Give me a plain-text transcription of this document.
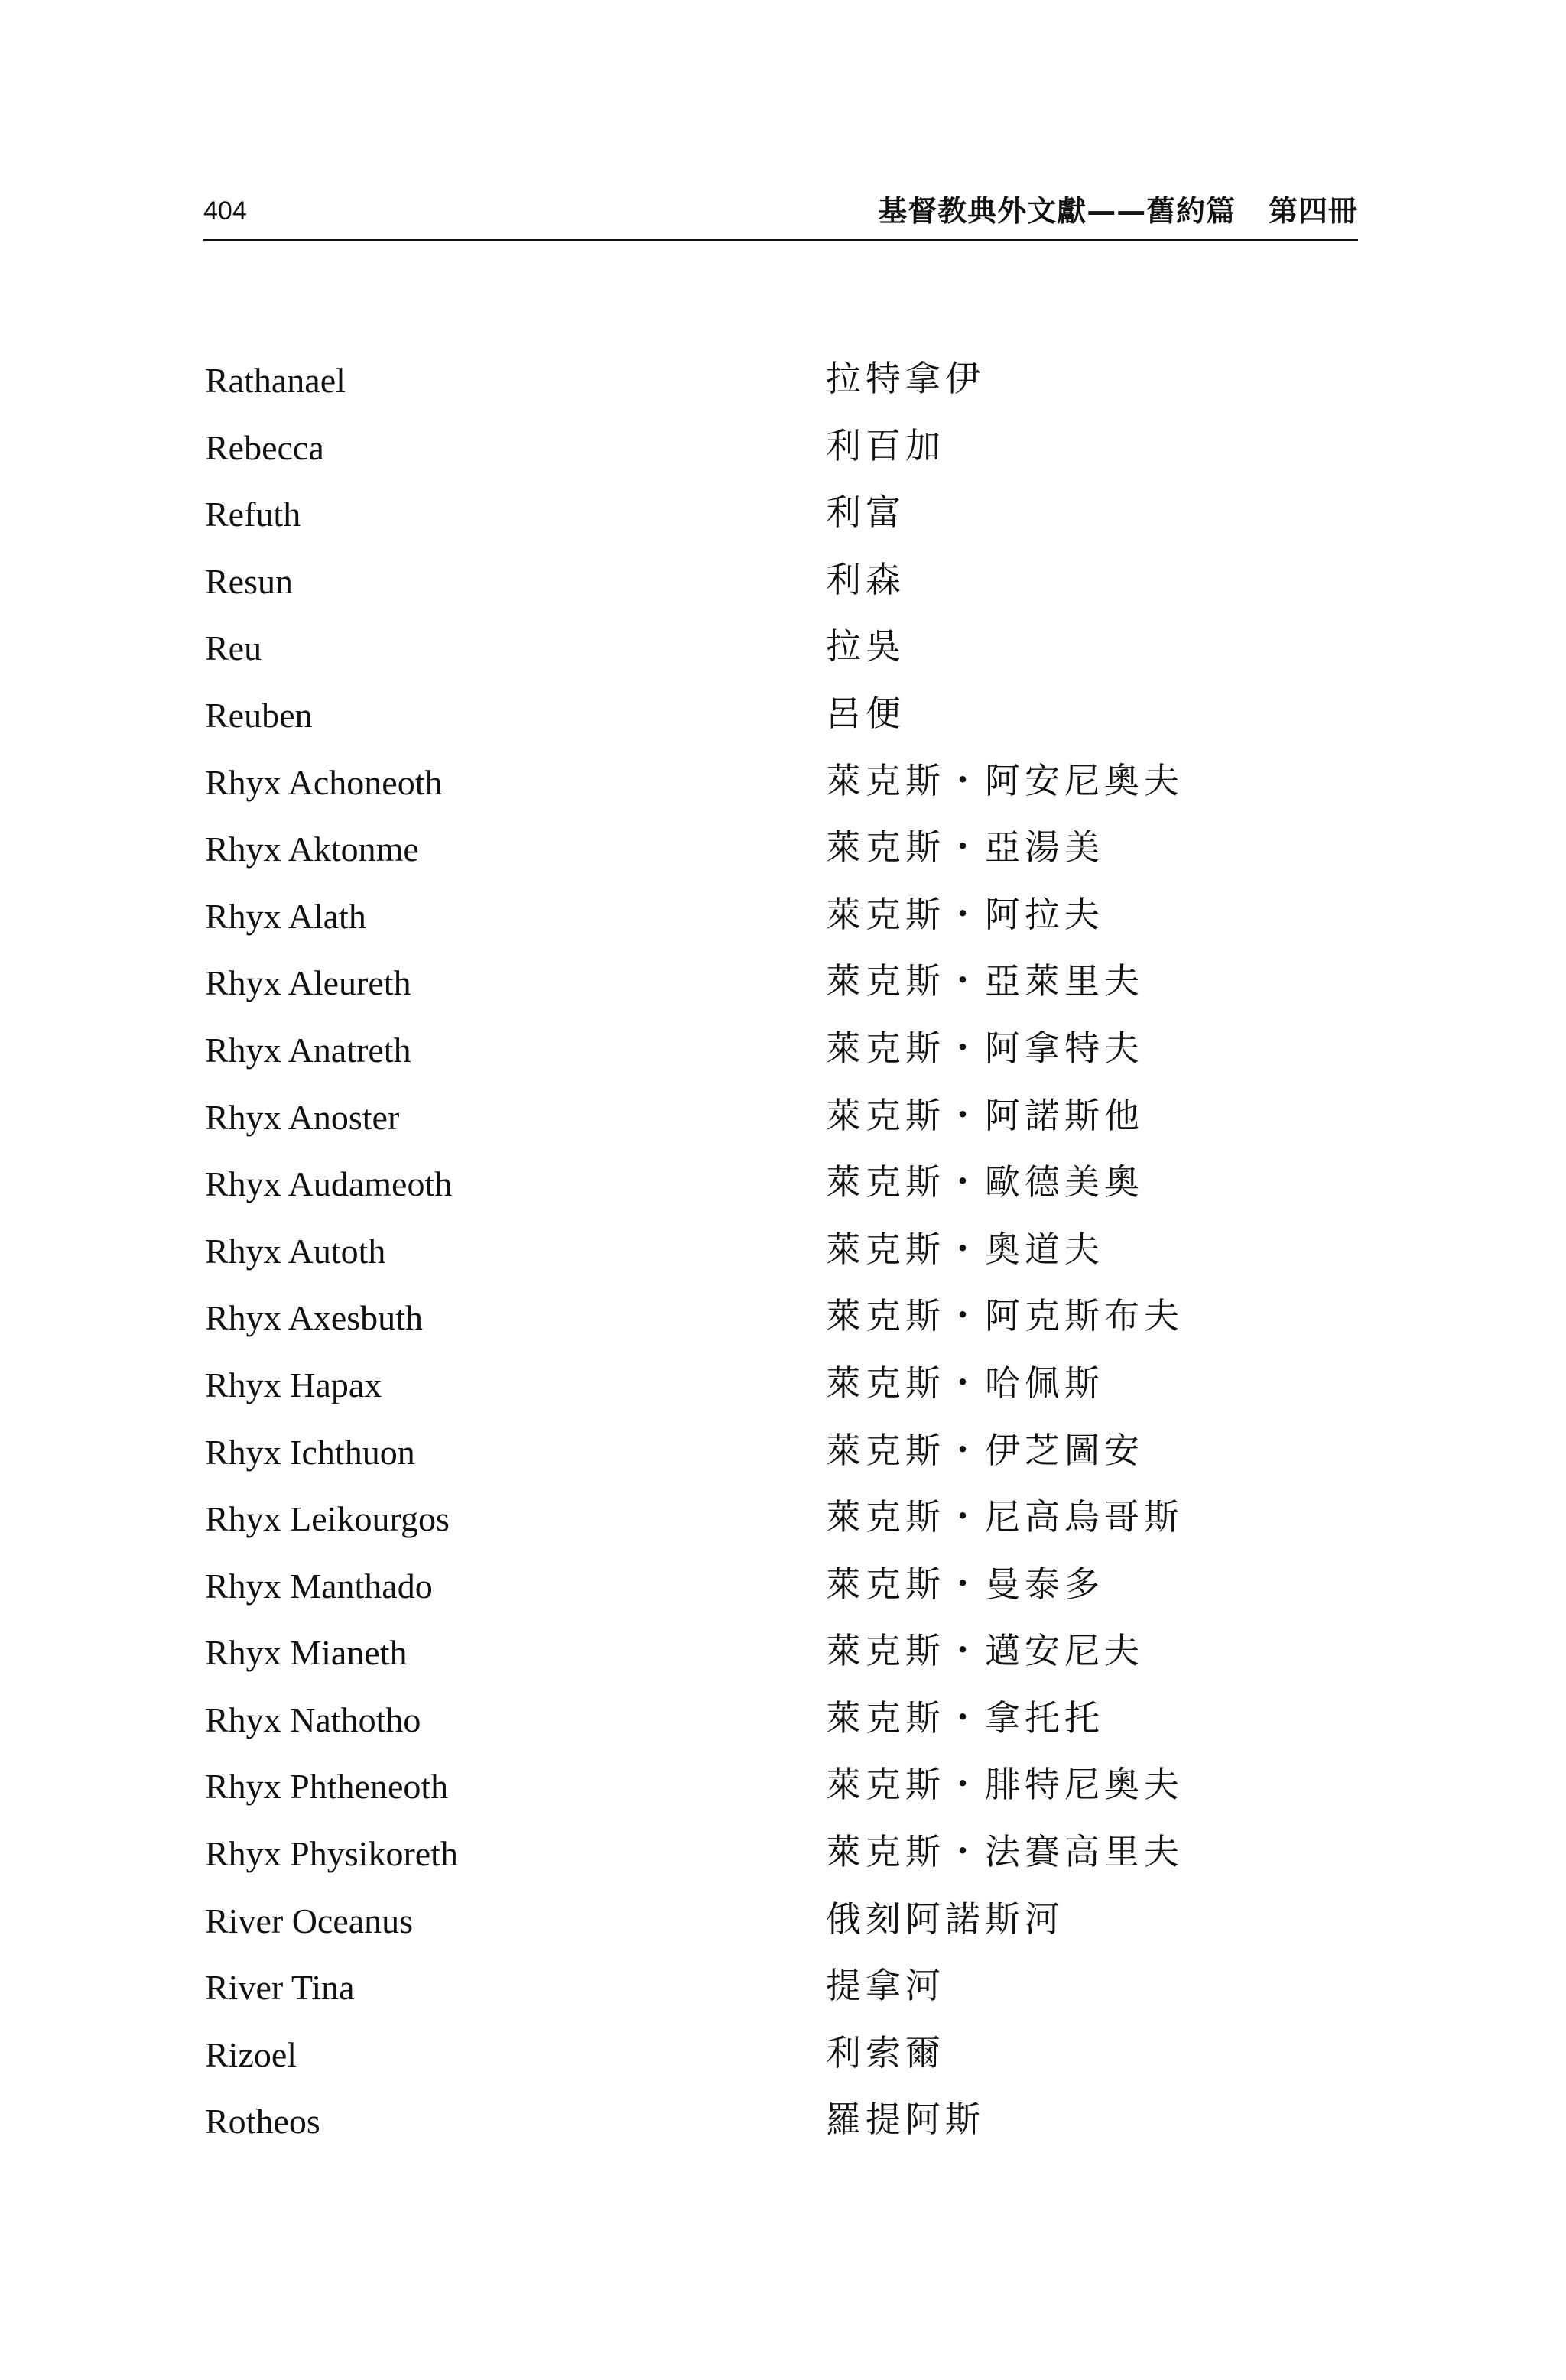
404	基督教典外文獻——舊約篇   第四冊
Rathanael	拉特拿伊
Rebecca	利百加
Refuth	利富
Resun	利森
Reu	拉吳
Reuben	呂便
Rhyx Achoneoth	萊克斯・阿安尼奧夫
Rhyx Aktonme	萊克斯・亞湯美
Rhyx Alath	萊克斯・阿拉夫
Rhyx Aleureth	萊克斯・亞萊里夫
Rhyx Anatreth	萊克斯・阿拿特夫
Rhyx Anoster	萊克斯・阿諾斯他
Rhyx Audameoth	萊克斯・歐德美奧
Rhyx Autoth	萊克斯・奧道夫
Rhyx Axesbuth	萊克斯・阿克斯布夫
Rhyx Hapax	萊克斯・哈佩斯
Rhyx Ichthuon	萊克斯・伊芝圖安
Rhyx Leikourgos	萊克斯・尼高烏哥斯
Rhyx Manthado	萊克斯・曼泰多
Rhyx Mianeth	萊克斯・邁安尼夫
Rhyx Nathotho	萊克斯・拿托托
Rhyx Phtheneoth	萊克斯・腓特尼奧夫
Rhyx Physikoreth	萊克斯・法賽高里夫
River Oceanus	俄刻阿諾斯河
River Tina	提拿河
Rizoel	利索爾
Rotheos	羅提阿斯
